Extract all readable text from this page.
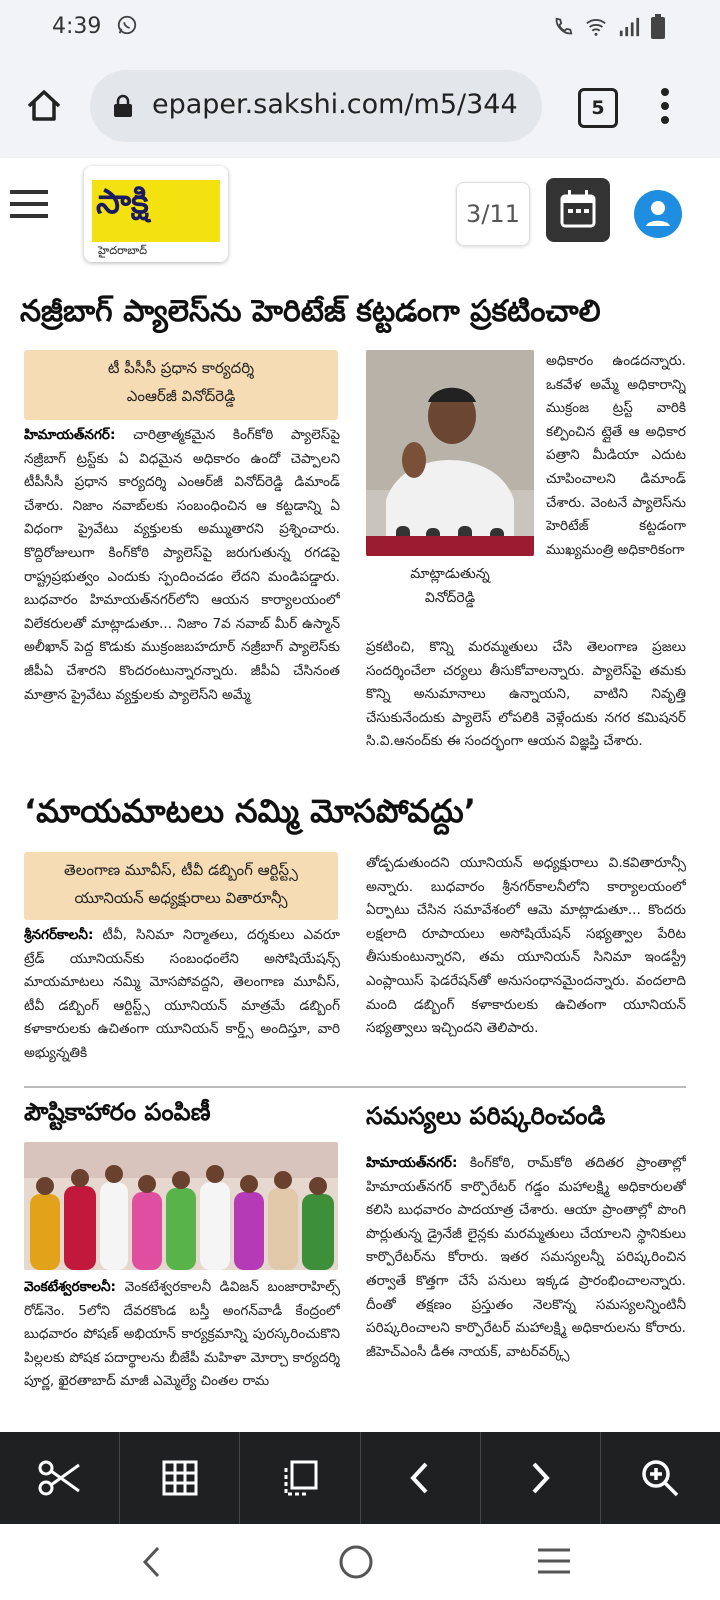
4:39
epaper.sakshi.com/m5/344	5
సాక్షి
హైదరాబాద్
3/11
నజ్రీబాగ్ ప్యాలెస్‌ను హెరిటేజ్ కట్టడంగా ప్రకటించాలి
టీ పీసీసీ ప్రధాన కార్యదర్శి
ఎంఆర్‌జీ వినోద్‌రెడ్డి
హిమాయత్‌నగర్: చారిత్రాత్మకమైన కింగ్‌కోఠి ప్యాలెస్‌పై నజ్రీబాగ్ ట్రస్ట్‌కు ఏ విధమైన అధికారం ఉందో చెప్పాలని టీపీసీసీ ప్రధాన కార్యదర్శి ఎంఆర్‌జీ వినోద్‌రెడ్డి డిమాండ్ చేశారు. నిజాం నవాబ్‌లకు సంబంధించిన ఆ కట్టడాన్ని ఏ విధంగా ప్రైవేటు వ్యక్తులకు అమ్ముతారని ప్రశ్నించారు. కొద్దిరోజులుగా కింగ్‌కోఠి ప్యాలెస్‌పై జరుగుతున్న రగడపై రాష్ట్రప్రభుత్వం ఎందుకు స్పందించడం లేదని మండిపడ్డారు. బుధవారం హిమాయత్‌నగర్‌లోని ఆయన కార్యాలయంలో విలేకరులతో మాట్లాడుతూ... నిజాం 7వ నవాబ్ మీర్ ఉస్మాన్ అలీఖాన్ పెద్ద కొడుకు ముక్రంజబహదూర్ నజ్రీబాగ్ ప్యాలెస్‌కు జీపీఏ చేశారని కొందరంటున్నారన్నారు. జీపీఏ చేసినంత మాత్రాన ప్రైవేటు వ్యక్తులకు ప్యాలెస్‌ని అమ్మే
మాట్లాడుతున్న
వినోద్‌రెడ్డి
అధికారం ఉండదన్నారు. ఒకవేళ అమ్మే అధికారాన్ని ముక్రంజ ట్రస్ట్ వారికి కల్పించిన ట్లైతే ఆ అధికార పత్రాని మీడియా ఎదుట చూపించాలని డిమాండ్ చేశారు. వెంటనే ప్యాలెస్‌ను హెరిటేజ్ కట్టడంగా ముఖ్యమంత్రి అధికారికంగా
ప్రకటించి, కొన్ని మరమ్మతులు చేసి తెలంగాణ ప్రజలు సందర్శించేలా చర్యలు తీసుకోవాలన్నారు. ప్యాలెస్‌పై తమకు కొన్ని అనుమానాలు ఉన్నాయని, వాటిని నివృత్తి చేసుకునేందుకు ప్యాలెస్ లోపలికి వెళ్లేందుకు నగర కమిషనర్ సి.వి.ఆనంద్‌కు ఈ సందర్భంగా ఆయన విజ్ఞప్తి చేశారు.
‘మాయమాటలు నమ్మి మోసపోవద్దు’
తెలంగాణ మూవీస్, టీవీ డబ్బింగ్ ఆర్టిస్ట్స్
యూనియన్ అధ్యక్షురాలు వితారూన్సీ
శ్రీనగర్‌కాలనీ: టీవీ, సినిమా నిర్మాతలు, దర్శకులు ఎవరూ ట్రేడ్ యూనియన్‌కు సంబంధంలేని అసోషియేషన్స్ మాయమాటలు నమ్మి మోసపోవద్దని, తెలంగాణ మూవీస్, టీవీ డబ్బింగ్ ఆర్టిస్ట్స్ యూనియన్ మాత్రమే డబ్బింగ్ కళాకారులకు ఉచితంగా యూనియన్ కార్డ్స్ అందిస్తూ, వారి అభ్యున్నతికి
తోడ్పడుతుందని యూనియన్ అధ్యక్షురాలు వి.కవితారూన్సీ అన్నారు. బుధవారం శ్రీనగర్‌కాలనీలోని కార్యాలయంలో ఏర్పాటు చేసిన సమావేశంలో ఆమె మాట్లాడుతూ... కొందరు లక్షలాది రూపాయలు అసోషియేషన్ సభ్యత్వాల పేరిట తీసుకుంటున్నారని, తమ యూనియన్ సినిమా ఇండస్ట్రీ ఎంప్లాయిస్ ఫెడరేషన్‌తో అనుసంధానమైందన్నారు. వందలాది మంది డబ్బింగ్ కళాకారులకు ఉచితంగా యూనియన్ సభ్యత్వాలు ఇచ్చిందని తెలిపారు.
పౌష్టికాహారం పంపిణీ
వెంకటేశ్వరకాలనీ: వెంకటేశ్వరకాలనీ డివిజన్ బంజారాహిల్స్ రోడ్‌నెం. 5లోని దేవరకొండ బస్తీ అంగన్‌వాడీ కేంద్రంలో బుధవారం పోషణ్ అభియాన్ కార్యక్రమాన్ని పురస్కరించుకొని పిల్లలకు పోషక పదార్థాలను బీజేపీ మహిళా మోర్చా కార్యదర్శి పూర్ణ, ఖైరతాబాద్ మాజీ ఎమ్మెల్యే చింతల రామ
సమస్యలు పరిష్కరించండి
హిమాయత్‌నగర్: కింగ్‌కోఠి, రామ్‌కోఠి తదితర ప్రాంతాల్లో హిమాయత్‌నగర్ కార్పొరేటర్ గడ్డం మహాలక్ష్మి అధికారులతో కలిసి బుధవారం పాదయాత్ర చేశారు. ఆయా ప్రాంతాల్లో పొంగి పొర్లుతున్న డ్రైనేజీ లైన్లకు మరమ్మతులు చేయాలని స్థానికులు కార్పొరేటర్‌ను కోరారు. ఇతర సమస్యలన్నీ పరిష్కరించిన తర్వాతే కొత్తగా చేసే పనులు ఇక్కడ ప్రారంభించాలన్నారు. దీంతో తక్షణం ప్రస్తుతం నెలకొన్న సమస్యలన్నింటినీ పరిష్కరించాలని కార్పొరేటర్ మహాలక్ష్మి అధికారులను కోరారు. జీహెచ్‌ఎంసీ డీఈ నాయక్, వాటర్‌వర్క్స్
